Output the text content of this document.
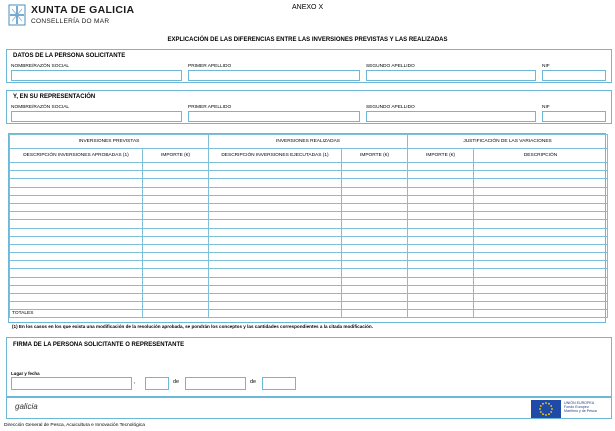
XUNTA DE GALICIA
CONSELLERÍA DO MAR
ANEXO X
EXPLICACIÓN DE LAS DIFERENCIAS ENTRE LAS INVERSIONES PREVISTAS Y LAS REALIZADAS
DATOS DE LA PERSONA SOLICITANTE
NOMBRE/RAZÓN SOCIAL	PRIMER APELLIDO	SEGUNDO APELLIDO	NIF
Y, EN SU REPRESENTACIÓN
NOMBRE/RAZÓN SOCIAL	PRIMER APELLIDO	SEGUNDO APELLIDO	NIF
INVERSIONES PREVISTAS		INVERSIONES REALIZADAS		JUSTIFICACIÓN DE LAS VARIACIONES	
DESCRIPCIÓN INVERSIONES APROBADAS (1)	IMPORTE (€)	DESCRIPCIÓN INVERSIONES EJECUTADAS (1)	IMPORTE (€)	IMPORTE (€)	DESCRIPCIÓN

TOTALES					
(1) En los casos en los que exista una modificación de la resolución aprobada, se pondrán los conceptos y las cantidades correspondientes a la citada modificación.
FIRMA DE LA PERSONA SOLICITANTE O REPRESENTANTE
Lugar y fecha
,	de	de
galicia	UNIÓN EUROPEA
Fondo Europeo
Marítimo y de Pesca
Dirección General de Pesca, Acuicultura e Innovación Tecnológica
